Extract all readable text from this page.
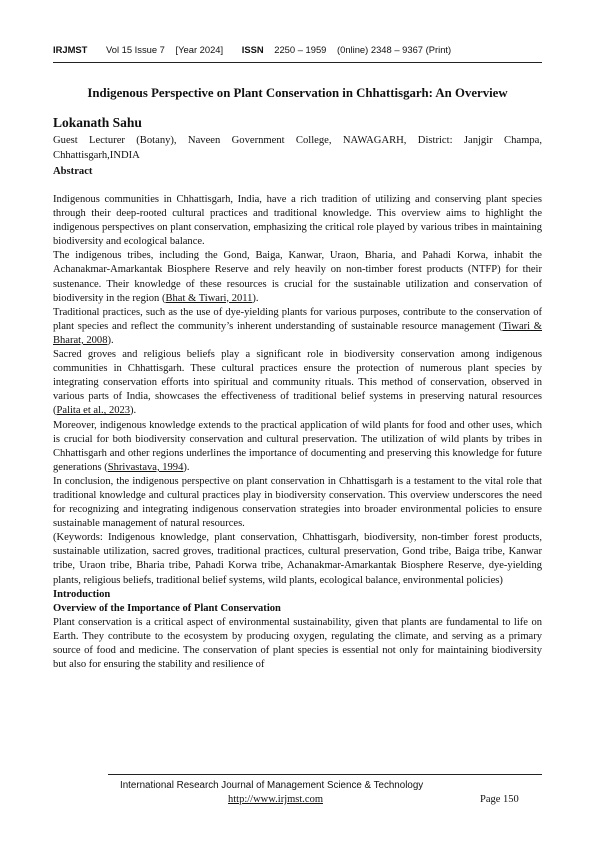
IRJMST Vol 15 Issue 7 [Year 2024] ISSN 2250 – 1959 (0nline) 2348 – 9367 (Print)
Indigenous Perspective on Plant Conservation in Chhattisgarh: An Overview
Lokanath Sahu
Guest Lecturer (Botany), Naveen Government College, NAWAGARH, District: Janjgir Champa, Chhattisgarh,INDIA
Abstract

Indigenous communities in Chhattisgarh, India, have a rich tradition of utilizing and conserving plant species through their deep-rooted cultural practices and traditional knowledge. This overview aims to highlight the indigenous perspectives on plant conservation, emphasizing the critical role played by various tribes in maintaining biodiversity and ecological balance.

The indigenous tribes, including the Gond, Baiga, Kanwar, Uraon, Bharia, and Pahadi Korwa, inhabit the Achanakmar-Amarkantak Biosphere Reserve and rely heavily on non-timber forest products (NTFP) for their sustenance. Their knowledge of these resources is crucial for the sustainable utilization and conservation of biodiversity in the region (Bhat & Tiwari, 2011).

Traditional practices, such as the use of dye-yielding plants for various purposes, contribute to the conservation of plant species and reflect the community’s inherent understanding of sustainable resource management (Tiwari & Bharat, 2008).

Sacred groves and religious beliefs play a significant role in biodiversity conservation among indigenous communities in Chhattisgarh. These cultural practices ensure the protection of numerous plant species by integrating conservation efforts into spiritual and community rituals. This method of conservation, observed in various parts of India, showcases the effectiveness of traditional belief systems in preserving natural resources (Palita et al., 2023).

Moreover, indigenous knowledge extends to the practical application of wild plants for food and other uses, which is crucial for both biodiversity conservation and cultural preservation. The utilization of wild plants by tribes in Chhattisgarh and other regions underlines the importance of documenting and preserving this knowledge for future generations (Shrivastava, 1994).

In conclusion, the indigenous perspective on plant conservation in Chhattisgarh is a testament to the vital role that traditional knowledge and cultural practices play in biodiversity conservation. This overview underscores the need for recognizing and integrating indigenous conservation strategies into broader environmental policies to ensure sustainable management of natural resources.

(Keywords: Indigenous knowledge, plant conservation, Chhattisgarh, biodiversity, non-timber forest products, sustainable utilization, sacred groves, traditional practices, cultural preservation, Gond tribe, Baiga tribe, Kanwar tribe, Uraon tribe, Bharia tribe, Pahadi Korwa tribe, Achanakmar-Amarkantak Biosphere Reserve, dye-yielding plants, religious beliefs, traditional belief systems, wild plants, ecological balance, environmental policies)

Introduction

Overview of the Importance of Plant Conservation

Plant conservation is a critical aspect of environmental sustainability, given that plants are fundamental to life on Earth. They contribute to the ecosystem by producing oxygen, regulating the climate, and serving as a primary source of food and medicine. The conservation of plant species is essential not only for maintaining biodiversity but also for ensuring the stability and resilience of

International Research Journal of Management Science & Technology
http://www.irjmst.com	Page 150
